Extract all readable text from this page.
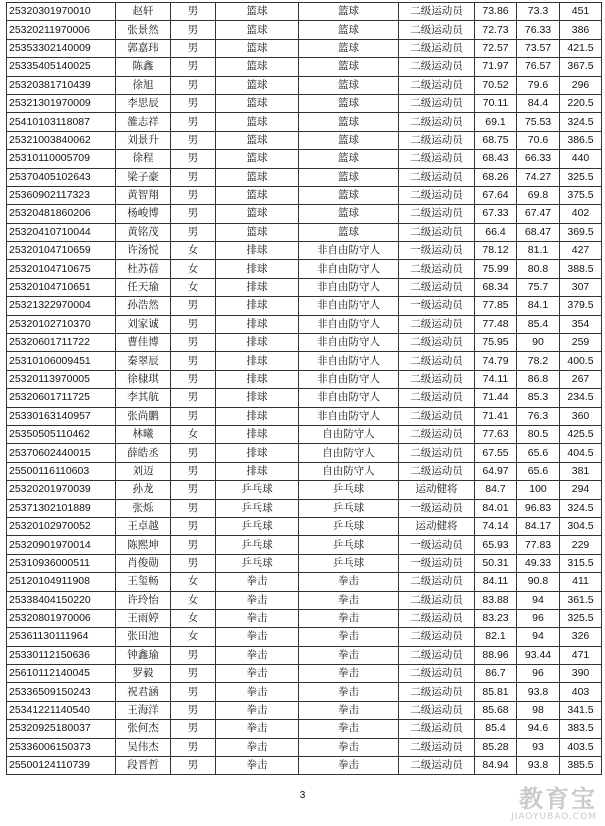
25320301970010	赵轩	男	篮球	篮球	二级运动员	73.86	73.3	451
25320211970006	张景然	男	篮球	篮球	二级运动员	72.73	76.33	386
25353302140009	郭嘉玮	男	篮球	篮球	二级运动员	72.57	73.57	421.5
25335405140025	陈鑫	男	篮球	篮球	二级运动员	71.97	76.57	367.5
25320381710439	徐旭	男	篮球	篮球	二级运动员	70.52	79.6	296
25321301970009	李思辰	男	篮球	篮球	二级运动员	70.11	84.4	220.5
25410103118087	雒志祥	男	篮球	篮球	二级运动员	69.1	75.53	324.5
25321003840062	刘景升	男	篮球	篮球	二级运动员	68.75	70.6	386.5
25310110005709	徐程	男	篮球	篮球	二级运动员	68.43	66.33	440
25370405102643	梁子豪	男	篮球	篮球	二级运动员	68.26	74.27	325.5
25360902117323	黄智翔	男	篮球	篮球	二级运动员	67.64	69.8	375.5
25320481860206	杨峻博	男	篮球	篮球	二级运动员	67.33	67.47	402
25320410710044	黄铭茂	男	篮球	篮球	二级运动员	66.4	68.47	369.5
25320104710659	许汤悦	女	排球	非自由防守人	一级运动员	78.12	81.1	427
25320104710675	杜苏蓓	女	排球	非自由防守人	二级运动员	75.99	80.8	388.5
25320104710651	任天瑜	女	排球	非自由防守人	二级运动员	68.34	75.7	307
25321322970004	孙浩然	男	排球	非自由防守人	一级运动员	77.85	84.1	379.5
25320102710370	刘家诚	男	排球	非自由防守人	二级运动员	77.48	85.4	354
25320601711722	曹佳博	男	排球	非自由防守人	二级运动员	75.95	90	259
25310106009451	秦翠辰	男	排球	非自由防守人	二级运动员	74.79	78.2	400.5
25320113970005	徐棣琪	男	排球	非自由防守人	二级运动员	74.11	86.8	267
25320601711725	李其航	男	排球	非自由防守人	二级运动员	71.44	85.3	234.5
25330163140957	张尚鹏	男	排球	非自由防守人	二级运动员	71.41	76.3	360
25350505110462	林曦	女	排球	自由防守人	二级运动员	77.63	80.5	425.5
25370602440015	薛皓丞	男	排球	自由防守人	二级运动员	67.55	65.6	404.5
25500116110603	刘迈	男	排球	自由防守人	二级运动员	64.97	65.6	381
25320201970039	孙龙	男	乒乓球	乒乓球	运动健将	84.7	100	294
25371302101889	张烁	男	乒乓球	乒乓球	一级运动员	84.01	96.83	324.5
25320102970052	王卓越	男	乒乓球	乒乓球	运动健将	74.14	84.17	304.5
25320901970014	陈熙坤	男	乒乓球	乒乓球	一级运动员	65.93	77.83	229
25310936000511	肖俊勋	男	乒乓球	乒乓球	一级运动员	50.31	49.33	315.5
25120104911908	王玺畅	女	拳击	拳击	二级运动员	84.11	90.8	411
25338404150220	许玲怡	女	拳击	拳击	二级运动员	83.88	94	361.5
25320801970006	王雨婷	女	拳击	拳击	二级运动员	83.23	96	325.5
25361130111964	张田池	女	拳击	拳击	二级运动员	82.1	94	326
25330112150636	钟鑫瑜	男	拳击	拳击	二级运动员	88.96	93.44	471
25610112140045	罗毅	男	拳击	拳击	二级运动员	86.7	96	390
25336509150243	祝君涵	男	拳击	拳击	二级运动员	85.81	93.8	403
25341221140540	王海洋	男	拳击	拳击	二级运动员	85.68	98	341.5
25320925180037	张何杰	男	拳击	拳击	二级运动员	85.4	94.6	383.5
25336006150373	吴伟杰	男	拳击	拳击	二级运动员	85.28	93	403.5
25500124110739	段晋哲	男	拳击	拳击	二级运动员	84.94	93.8	385.5
3	教育宝
JIAOYUBAO.COM
